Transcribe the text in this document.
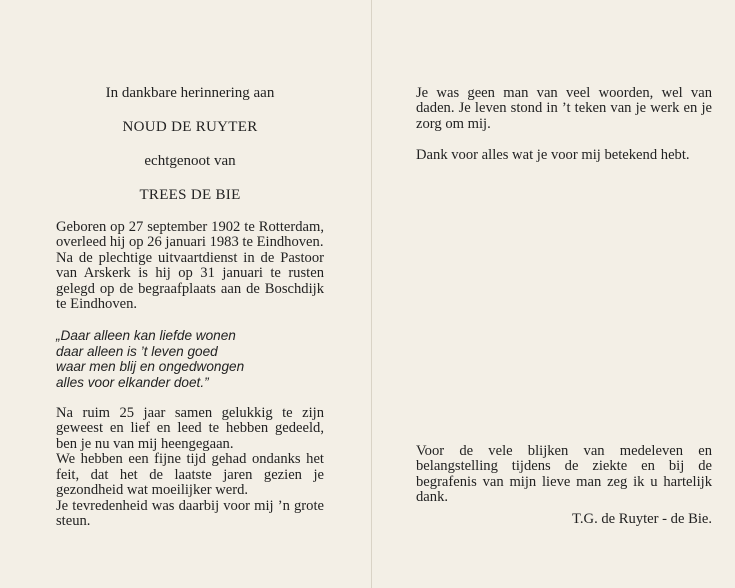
In dankbare herinnering aan
NOUD DE RUYTER
echtgenoot van
TREES DE BIE

Geboren op 27 september 1902 te Rotterdam, overleed hij op 26 januari 1983 te Eindhoven.

Na de plechtige uitvaartdienst in de Pastoor van Arskerk is hij op 31 januari te rusten gelegd op de begraafplaats aan de Boschdijk te Eindhoven.

„Daar alleen kan liefde wonen
daar alleen is ’t leven goed
waar men blij en ongedwongen
alles voor elkander doet.”

Na ruim 25 jaar samen gelukkig te zijn geweest en lief en leed te hebben gedeeld, ben je nu van mij heengegaan.

We hebben een fijne tijd gehad ondanks het feit, dat het de laatste jaren gezien je gezondheid wat moeilijker werd.

Je tevredenheid was daarbij voor mij ’n grote steun.

Je was geen man van veel woorden, wel van daden. Je leven stond in ’t teken van je werk en je zorg om mij.

Dank voor alles wat je voor mij betekend hebt.

Voor de vele blijken van medeleven en belangstelling tijdens de ziekte en bij de begrafenis van mijn lieve man zeg ik u hartelijk dank.

T.G. de Ruyter - de Bie.
